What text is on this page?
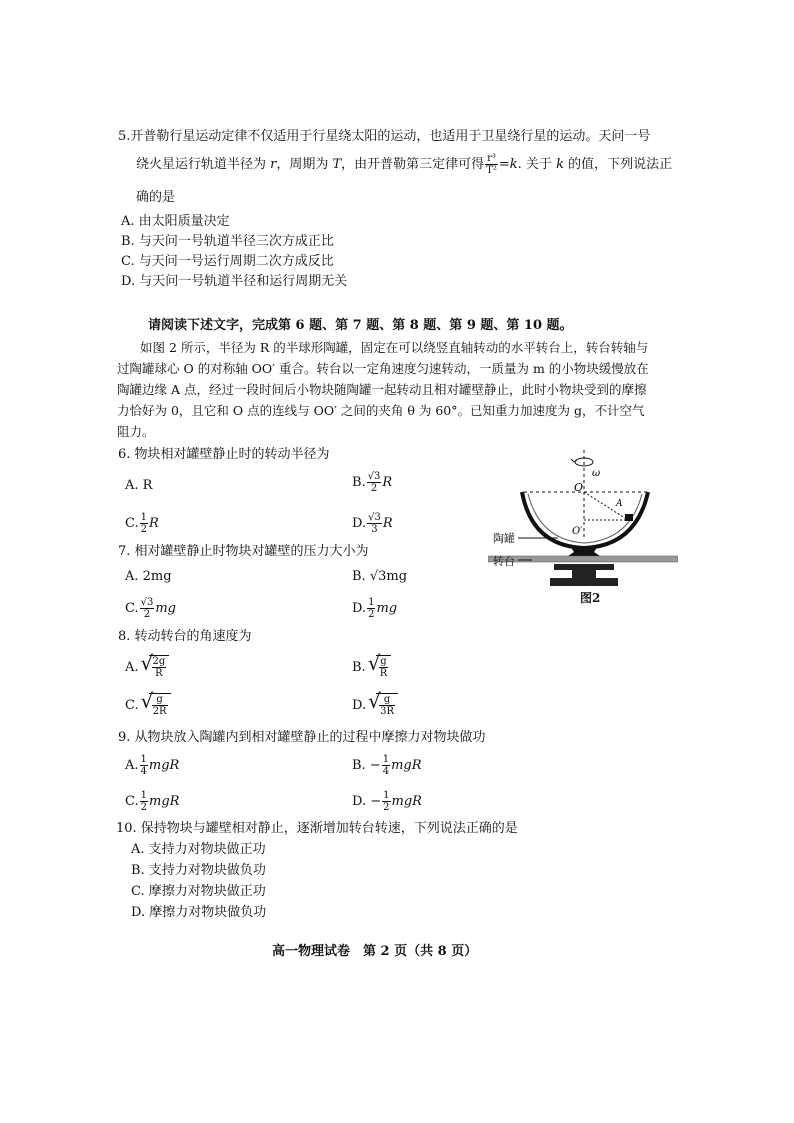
5.开普勒行星运动定律不仅适用于行星绕太阳的运动，也适用于卫星绕行星的运动。天问一号
绕火星运行轨道半径为 r，周期为 T，由开普勒第三定律可得 $\frac{\text{r³}}{\text{T²}} =k$. 关于 k 的值，下列说法正
确的是
A. 由太阳质量决定
B. 与天问一号轨道半径三次方成正比
C. 与天问一号运行周期二次方成反比
D. 与天问一号轨道半径和运行周期无关
请阅读下述文字，完成第 6 题、第 7 题、第 8 题、第 9 题、第 10 题。
如图 2 所示，半径为 R 的半球形陶罐，固定在可以绕竖直轴转动的水平转台上，转台转轴与
过陶罐球心 O 的对称轴 OO′ 重合。转台以一定角速度匀速转动，一质量为 m 的小物块缓慢放在
陶罐边缘 A 点，经过一段时间后小物块随陶罐一起转动且相对罐壁静止，此时小物块受到的摩擦
力恰好为 0，且它和 O 点的连线与 OO′ 之间的夹角 θ 为 60°。已知重力加速度为 g，不计空气
阻力。
6. 物块相对罐壁静止时的转动半径为
A. R	B. $\frac{√3}{2}$ R
C. $\frac{1}{2}$ R	D. $\frac{√3}{3}$ R
7. 相对罐壁静止时物块对罐壁的压力大小为
A. 2mg	B. √3mg
C. $\frac{√3}{2}$ mg	D. $\frac{1}{2}$ mg
8. 转动转台的角速度为
A. √
$\frac{2g}{R}$	B. √
$\frac{g}{R}$
C. √
$\frac{g}{2R}$	D. √
$\frac{g}{3R}$
9. 从物块放入陶罐内到相对罐壁静止的过程中摩擦力对物块做功
A. $\frac{1}{4}$ mgR	B. − $\frac{1}{4}$ mgR
C. $\frac{1}{2}$ mgR	D. − $\frac{1}{2}$ mgR
10. 保持物块与罐壁相对静止，逐渐增加转台转速，下列说法正确的是
A. 支持力对物块做正功
B. 支持力对物块做负功
C. 摩擦力对物块做正功
D. 摩擦力对物块做负功
ω
O
A
O′
陶罐
转台
图2
高一物理试卷　第 2 页（共 8 页）
